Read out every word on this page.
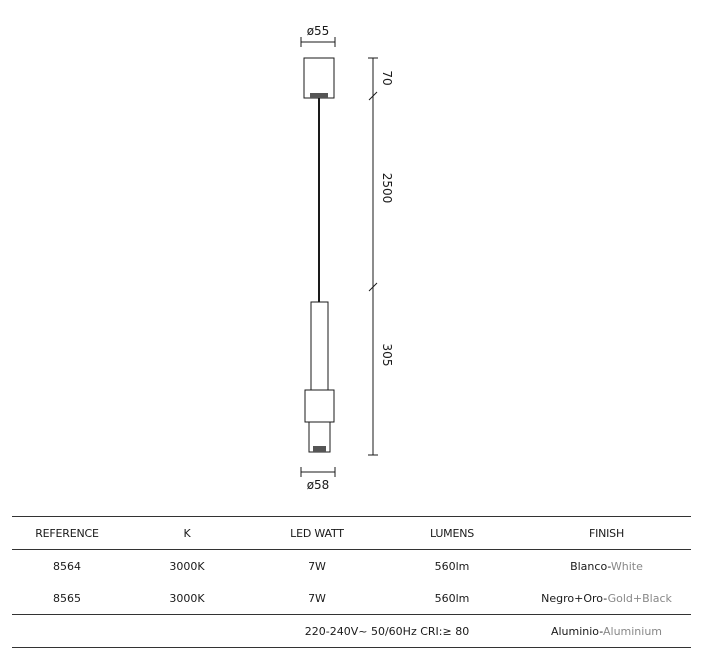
ø55
70
2500
305
ø58
REFERENCE	K	LED WATT	LUMENS	FINISH
8564	3000K	7W	560lm	Blanco-White
8565	3000K	7W	560lm	Negro+Oro-Gold+Black
		220-240V~ 50/60Hz CRI:≥ 80		Aluminio-Aluminium
